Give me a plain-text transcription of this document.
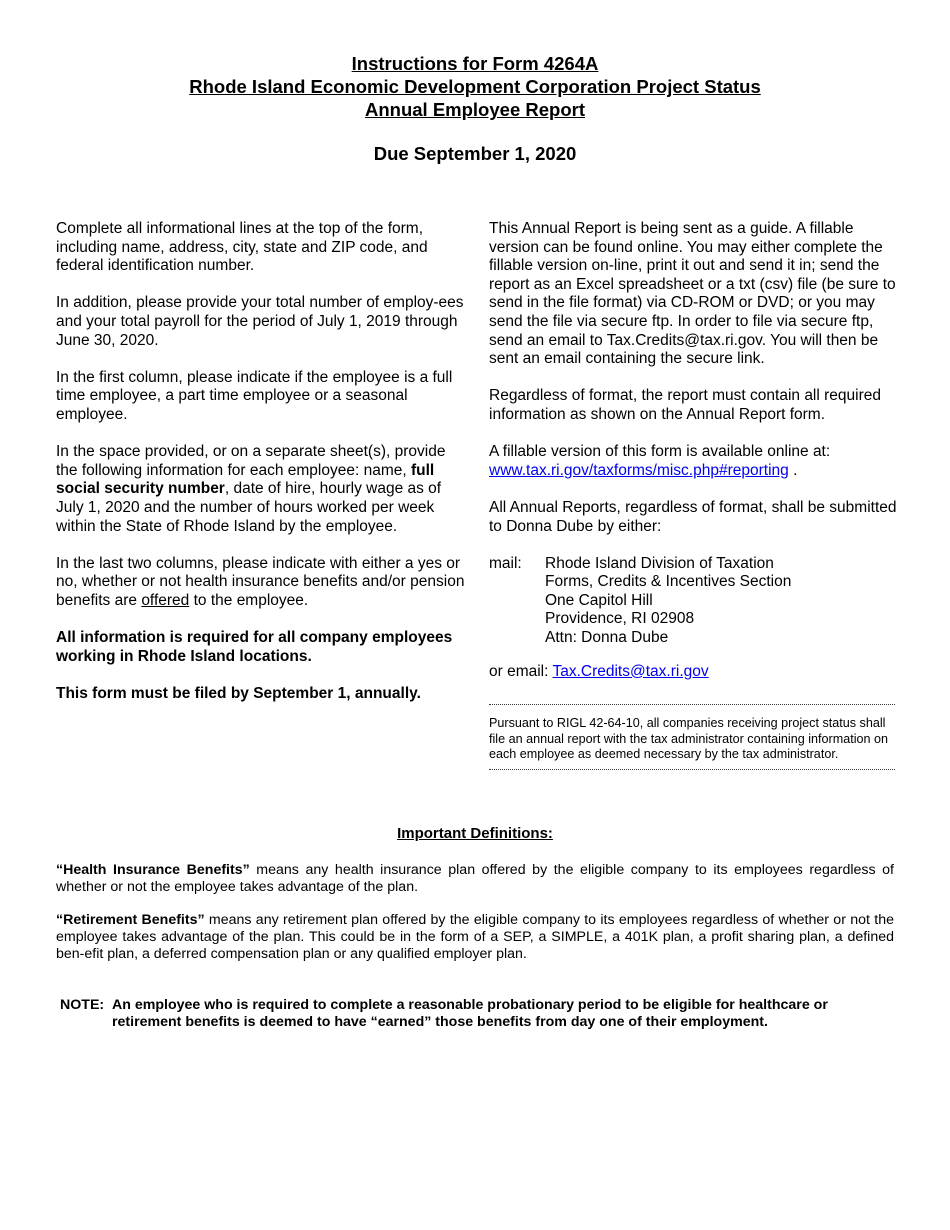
Instructions for Form 4264A
Rhode Island Economic Development Corporation Project Status
Annual Employee Report
Due September 1, 2020

Complete all informational lines at the top of the form, including name, address, city, state and ZIP code, and federal identification number.

In addition, please provide your total number of employ-ees and your total payroll for the period of July 1, 2019 through June 30, 2020.

In the first column, please indicate if the employee is a full time employee, a part time employee or a seasonal employee.

In the space provided, or on a separate sheet(s), provide the following information for each employee: name, full social security number, date of hire, hourly wage as of July 1, 2020 and the number of hours worked per week within the State of Rhode Island by the employee.

In the last two columns, please indicate with either a yes or no, whether or not health insurance benefits and/or pension benefits are offered to the employee.

All information is required for all company employees working in Rhode Island locations.

This form must be filed by September 1, annually.

This Annual Report is being sent as a guide. A fillable version can be found online. You may either complete the fillable version on-line, print it out and send it in; send the report as an Excel spreadsheet or a txt (csv) file (be sure to send in the file format) via CD-ROM or DVD; or you may send the file via secure ftp. In order to file via secure ftp, send an email to Tax.Credits@tax.ri.gov. You will then be sent an email containing the secure link.

Regardless of format, the report must contain all required information as shown on the Annual Report form.

A fillable version of this form is available online at:
www.tax.ri.gov/taxforms/misc.php#reporting .

All Annual Reports, regardless of format, shall be submitted to Donna Dube by either:

mail:	Rhode Island Division of Taxation
Forms, Credits & Incentives Section
One Capitol Hill
Providence, RI 02908
Attn: Donna Dube
or email: Tax.Credits@tax.ri.gov
Pursuant to RIGL 42-64-10, all companies receiving project status shall file an annual report with the tax administrator containing information on each employee as deemed necessary by the tax administrator.
Important Definitions:

“Health Insurance Benefits” means any health insurance plan offered by the eligible company to its employees regardless of whether or not the employee takes advantage of the plan.

“Retirement Benefits” means any retirement plan offered by the eligible company to its employees regardless of whether or not the employee takes advantage of the plan. This could be in the form of a SEP, a SIMPLE, a 401K plan, a profit sharing plan, a defined ben-efit plan, a deferred compensation plan or any qualified employer plan.

NOTE: An employee who is required to complete a reasonable probationary period to be eligible for healthcare or retirement benefits is deemed to have “earned” those benefits from day one of their employment.
